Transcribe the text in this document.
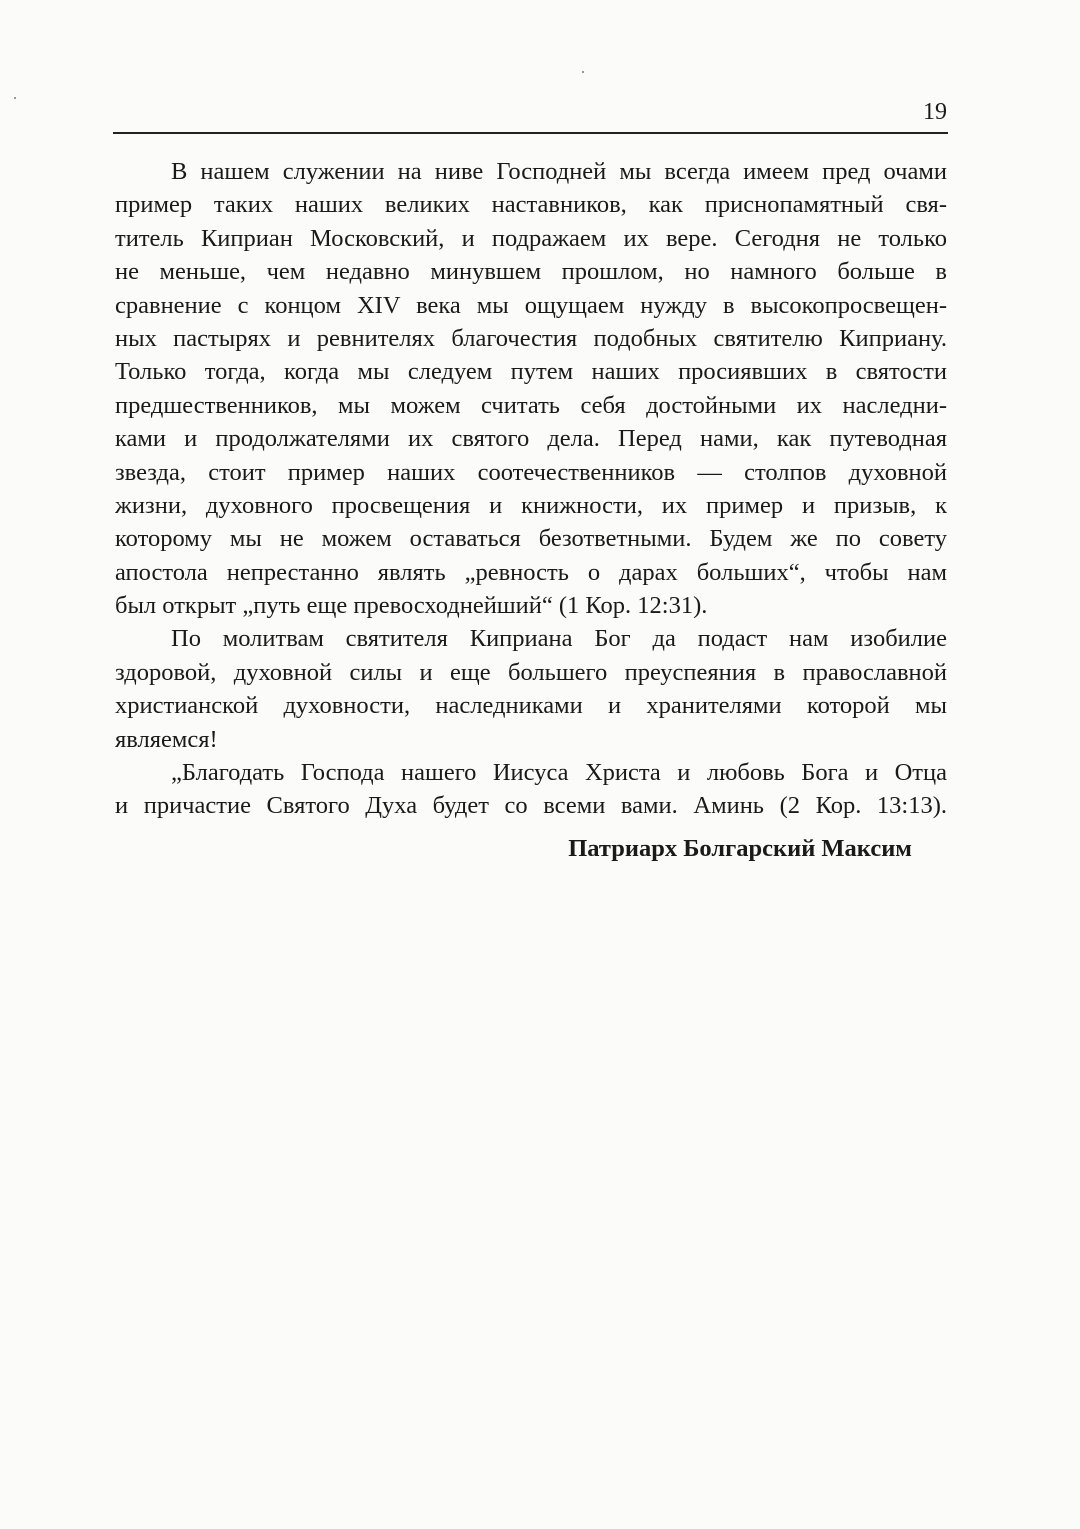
19
В нашем служении на ниве Господней мы всегда имеем пред очами
пример таких наших великих наставников, как приснопамятный свя-
титель Киприан Московский, и подражаем их вере. Сегодня не только
не меньше, чем недавно минувшем прошлом, но намного больше в
сравнение с концом XIV века мы ощущаем нужду в высокопросвещен-
ных пастырях и ревнителях благочестия подобных святителю Киприану.
Только тогда, когда мы следуем путем наших просиявших в святости
предшественников, мы можем считать себя достойными их наследни-
ками и продолжателями их святого дела. Перед нами, как путеводная
звезда, стоит пример наших соотечественников — столпов духовной
жизни, духовного просвещения и книжности, их пример и призыв, к
которому мы не можем оставаться безответными. Будем же по совету
апостола непрестанно являть „ревность о дарах больших“, чтобы нам
был открыт „путь еще превосходнейший“ (1 Кор. 12:31).
По молитвам святителя Киприана Бог да подаст нам изобилие
здоровой, духовной силы и еще большего преуспеяния в православной
христианской духовности, наследниками и хранителями которой мы
являемся!
„Благодать Господа нашего Иисуса Христа и любовь Бога и Отца
и причастие Святого Духа будет со всеми вами. Аминь (2 Кор. 13:13).
Патриарх Болгарский Максим
